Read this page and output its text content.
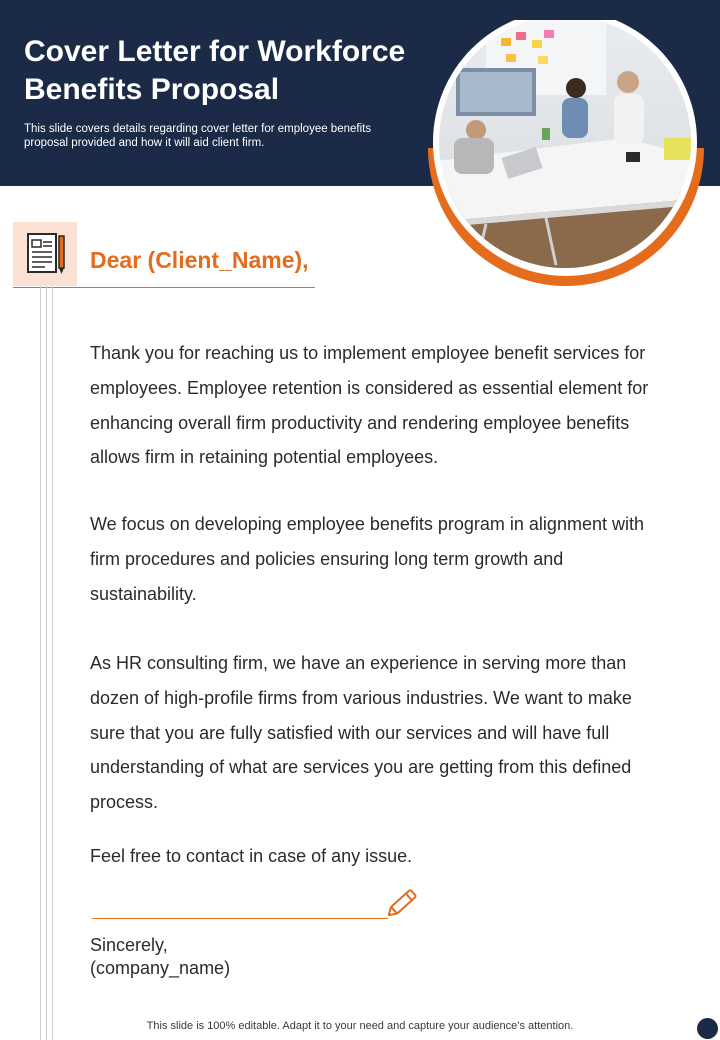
Cover Letter for Workforce Benefits Proposal
This slide covers details regarding cover letter for employee benefits proposal provided and how it will aid client firm.
Dear (Client_Name),

Thank you for reaching us to implement employee benefit services for employees. Employee retention is considered as essential element for enhancing overall firm productivity and rendering employee benefits allows firm in retaining potential employees.

We focus on developing employee benefits program in alignment with firm procedures and policies ensuring long term growth and sustainability.

As HR consulting firm, we have an experience in serving more than dozen of high-profile firms from various industries. We want to make sure that you are fully satisfied with our services and will have full understanding of what are services you are getting from this defined process.

Feel free to contact in case of any issue.

Sincerely,
(company_name)
This slide is 100% editable. Adapt it to your need and capture your audience’s attention.
